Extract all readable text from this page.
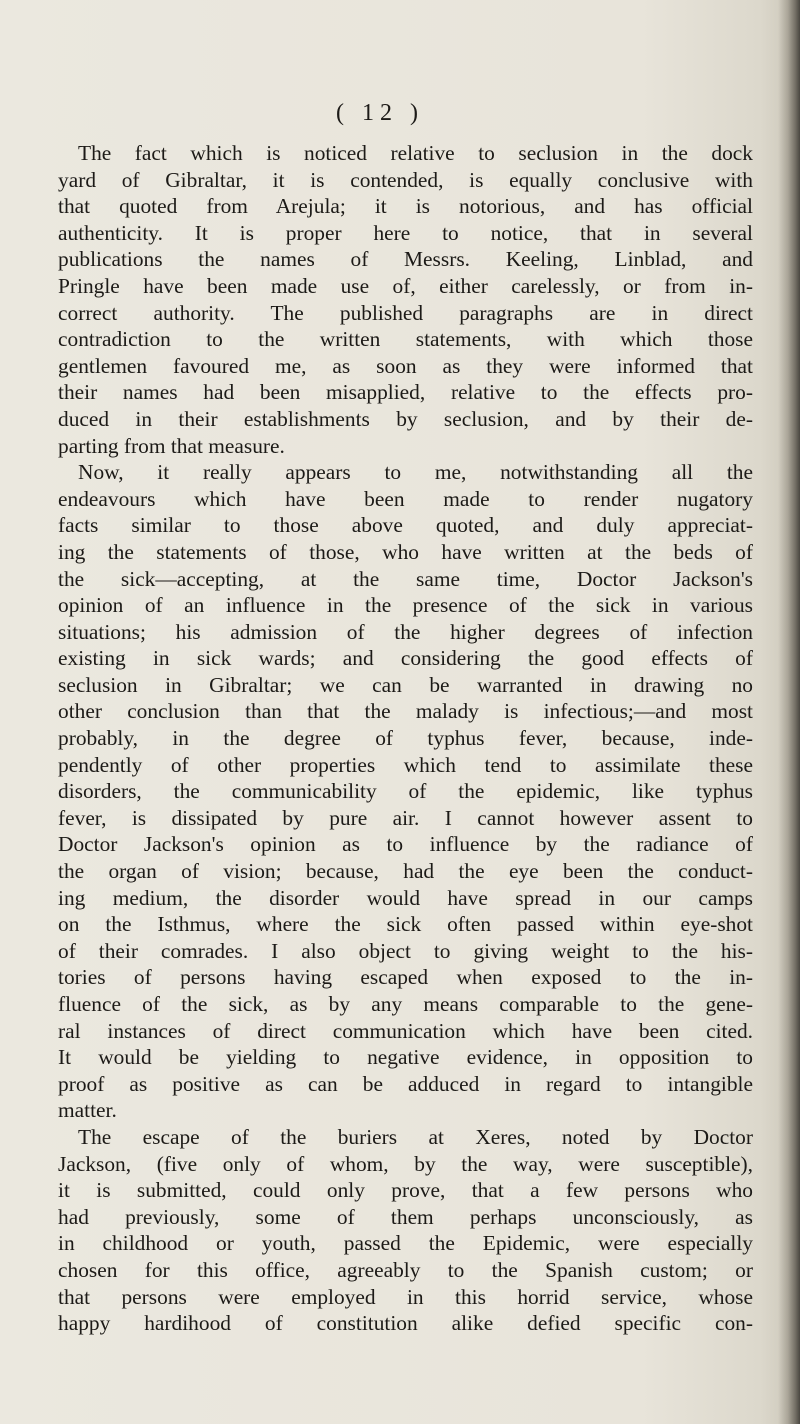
( 12 )

The fact which is noticed relative to seclusion in the dock
yard of Gibraltar, it is contended, is equally conclusive with
that quoted from Arejula; it is notorious, and has official
authenticity. It is proper here to notice, that in several
publications the names of Messrs. Keeling, Linblad, and
Pringle have been made use of, either carelessly, or from in-
correct authority. The published paragraphs are in direct
contradiction to the written statements, with which those
gentlemen favoured me, as soon as they were informed that
their names had been misapplied, relative to the effects pro-
duced in their establishments by seclusion, and by their de-
parting from that measure.
Now, it really appears to me, notwithstanding all the
endeavours which have been made to render nugatory
facts similar to those above quoted, and duly appreciat-
ing the statements of those, who have written at the beds of
the sick—accepting, at the same time, Doctor Jackson's
opinion of an influence in the presence of the sick in various
situations; his admission of the higher degrees of infection
existing in sick wards; and considering the good effects of
seclusion in Gibraltar; we can be warranted in drawing no
other conclusion than that the malady is infectious;—and most
probably, in the degree of typhus fever, because, inde-
pendently of other properties which tend to assimilate these
disorders, the communicability of the epidemic, like typhus
fever, is dissipated by pure air. I cannot however assent to
Doctor Jackson's opinion as to influence by the radiance of
the organ of vision; because, had the eye been the conduct-
ing medium, the disorder would have spread in our camps
on the Isthmus, where the sick often passed within eye-shot
of their comrades. I also object to giving weight to the his-
tories of persons having escaped when exposed to the in-
fluence of the sick, as by any means comparable to the gene-
ral instances of direct communication which have been cited.
It would be yielding to negative evidence, in opposition to
proof as positive as can be adduced in regard to intangible
matter.
The escape of the buriers at Xeres, noted by Doctor
Jackson, (five only of whom, by the way, were susceptible),
it is submitted, could only prove, that a few persons who
had previously, some of them perhaps unconsciously, as
in childhood or youth, passed the Epidemic, were especially
chosen for this office, agreeably to the Spanish custom; or
that persons were employed in this horrid service, whose
happy hardihood of constitution alike defied specific con-
